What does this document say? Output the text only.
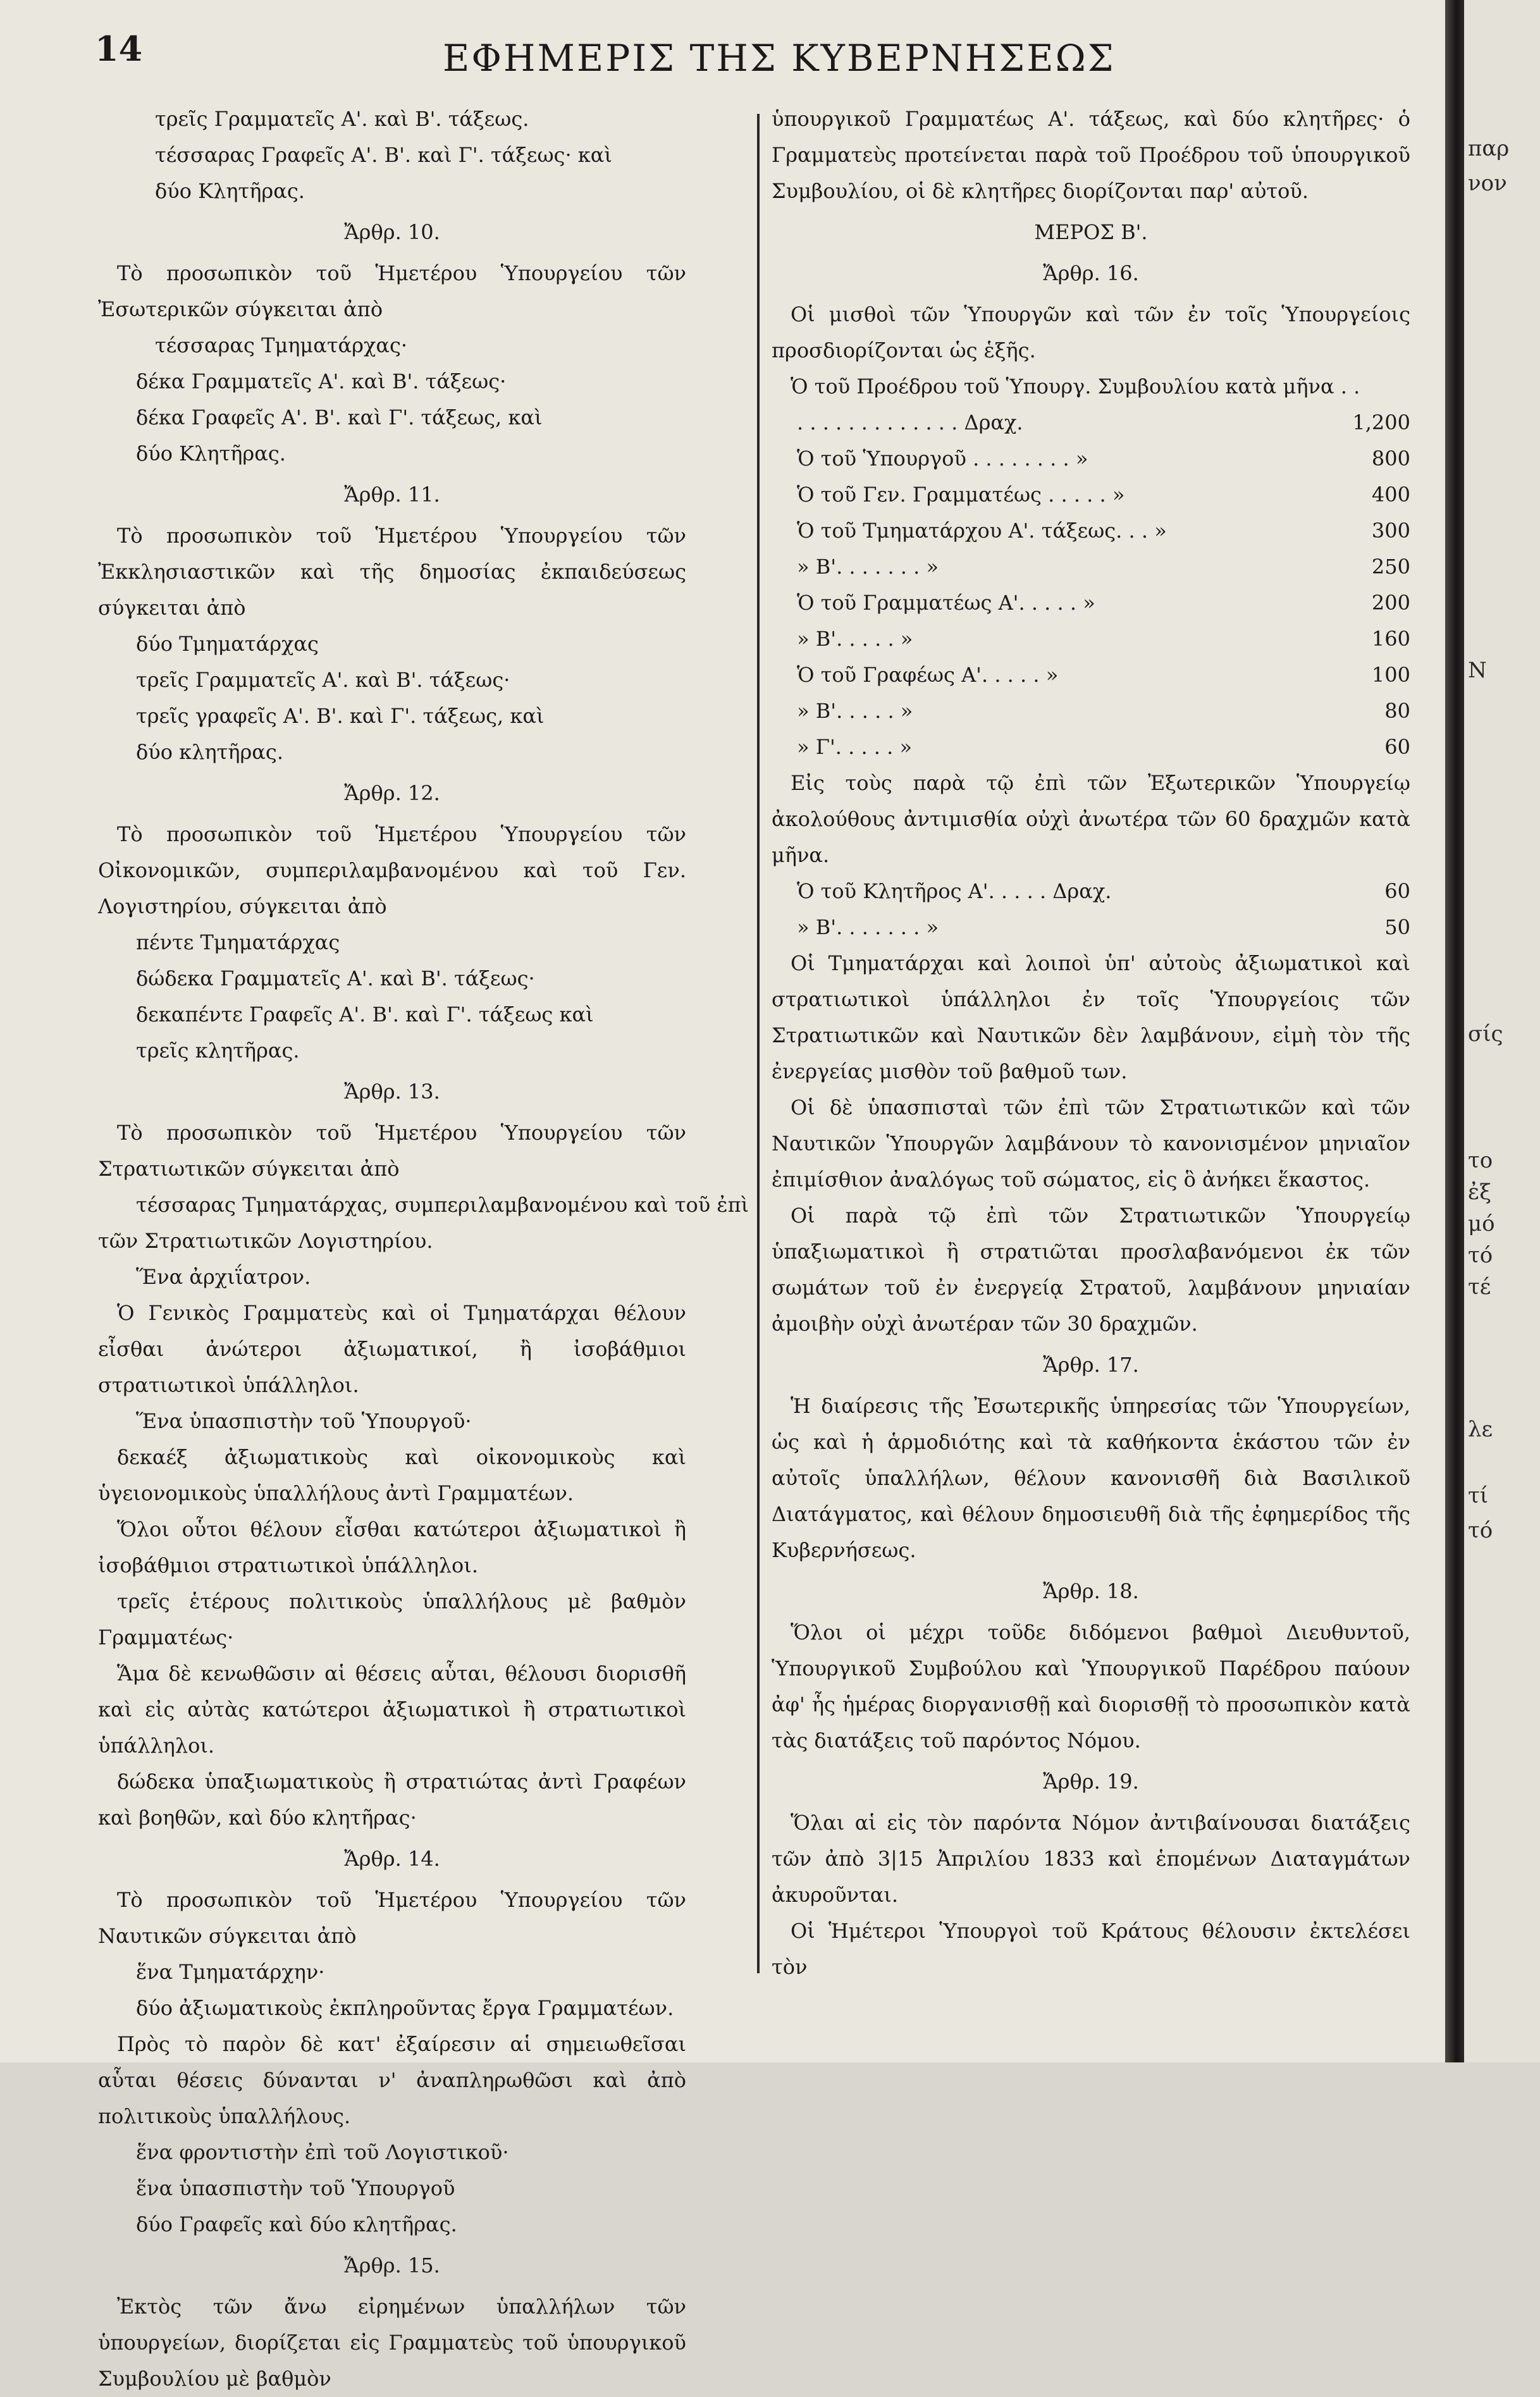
14	ΕΦΗΜΕΡΙΣ ΤΗΣ ΚΥΒΕΡΝΗΣΕΩΣ
τρεῖς Γραμματεῖς Α'. καὶ Β'. τάξεως.
τέσσαρας Γραφεῖς Α'. Β'. καὶ Γ'. τάξεως· καὶ
δύο Κλητῆρας.
Ἄρθρ. 10.
Τὸ προσωπικὸν τοῦ Ἡμετέρου Ὑπουργείου τῶν Ἐσωτερικῶν σύγκειται ἀπὸ
τέσσαρας Τμηματάρχας·
δέκα Γραμματεῖς Α'. καὶ Β'. τάξεως·
δέκα Γραφεῖς Α'. Β'. καὶ Γ'. τάξεως, καὶ
δύο Κλητῆρας.
Ἄρθρ. 11.
Τὸ προσωπικὸν τοῦ Ἡμετέρου Ὑπουργείου τῶν Ἐκκλησιαστικῶν καὶ τῆς δημοσίας ἐκπαιδεύσεως σύγκειται ἀπὸ
δύο Τμηματάρχας
τρεῖς Γραμματεῖς Α'. καὶ Β'. τάξεως·
τρεῖς γραφεῖς Α'. Β'. καὶ Γ'. τάξεως, καὶ
δύο κλητῆρας.
Ἄρθρ. 12.
Τὸ προσωπικὸν τοῦ Ἡμετέρου Ὑπουργείου τῶν Οἰκονομικῶν, συμπεριλαμβανομένου καὶ τοῦ Γεν. Λογιστηρίου, σύγκειται ἀπὸ
πέντε Τμηματάρχας
δώδεκα Γραμματεῖς Α'. καὶ Β'. τάξεως·
δεκαπέντε Γραφεῖς Α'. Β'. καὶ Γ'. τάξεως καὶ
τρεῖς κλητῆρας.
Ἄρθρ. 13.
Τὸ προσωπικὸν τοῦ Ἡμετέρου Ὑπουργείου τῶν Στρατιωτικῶν σύγκειται ἀπὸ
τέσσαρας Τμηματάρχας, συμπεριλαμβανομένου καὶ τοῦ ἐπὶ
τῶν Στρατιωτικῶν Λογιστηρίου.
Ἕνα ἀρχιΐατρον.
Ὁ Γενικὸς Γραμματεὺς καὶ οἱ Τμηματάρχαι θέλουν εἶσθαι ἀνώτεροι ἀξιωματικοί, ἢ ἰσοβάθμιοι στρατιωτικοὶ ὑπάλληλοι.
Ἕνα ὑπασπιστὴν τοῦ Ὑπουργοῦ·
δεκαέξ ἀξιωματικοὺς καὶ οἰκονομικοὺς καὶ ὑγειονομικοὺς ὑπαλλήλους ἀντὶ Γραμματέων.
Ὅλοι οὗτοι θέλουν εἶσθαι κατώτεροι ἀξιωματικοὶ ἢ ἰσοβάθμιοι στρατιωτικοὶ ὑπάλληλοι.
τρεῖς ἑτέρους πολιτικοὺς ὑπαλλήλους μὲ βαθμὸν Γραμματέως·
Ἅμα δὲ κενωθῶσιν αἱ θέσεις αὗται, θέλουσι διορισθῆ καὶ εἰς αὐτὰς κατώτεροι ἀξιωματικοὶ ἢ στρατιωτικοὶ ὑπάλληλοι.
δώδεκα ὑπαξιωματικοὺς ἢ στρατιώτας ἀντὶ Γραφέων καὶ βοηθῶν, καὶ δύο κλητῆρας·
Ἄρθρ. 14.
Τὸ προσωπικὸν τοῦ Ἡμετέρου Ὑπουργείου τῶν Ναυτικῶν σύγκειται ἀπὸ
ἕνα Τμηματάρχην·
δύο ἀξιωματικοὺς ἐκπληροῦντας ἔργα Γραμματέων.
Πρὸς τὸ παρὸν δὲ κατ' ἐξαίρεσιν αἱ σημειωθεῖσαι αὗται θέσεις δύνανται ν' ἀναπληρωθῶσι καὶ ἀπὸ πολιτικοὺς ὑπαλλήλους.
ἕνα φροντιστὴν ἐπὶ τοῦ Λογιστικοῦ·
ἕνα ὑπασπιστὴν τοῦ Ὑπουργοῦ
δύο Γραφεῖς καὶ δύο κλητῆρας.
Ἄρθρ. 15.
Ἐκτὸς τῶν ἄνω εἰρημένων ὑπαλλήλων τῶν ὑπουργείων, διορίζεται εἰς Γραμματεὺς τοῦ ὑπουργικοῦ Συμβουλίου μὲ βαθμὸν
ὑπουργικοῦ Γραμματέως Α'. τάξεως, καὶ δύο κλητῆρες· ὁ Γραμματεὺς προτείνεται παρὰ τοῦ Προέδρου τοῦ ὑπουργικοῦ Συμβουλίου, οἱ δὲ κλητῆρες διορίζονται παρ' αὐτοῦ.
ΜΕΡΟΣ Β'.
Ἄρθρ. 16.
Οἱ μισθοὶ τῶν Ὑπουργῶν καὶ τῶν ἐν τοῖς Ὑπουργείοις προσδιορίζονται ὡς ἑξῆς.
Ὁ τοῦ Προέδρου τοῦ Ὑπουργ. Συμβουλίου κατὰ μῆνα . .
. . . . . . . . . . . . . Δραχ.	1,200
Ὁ τοῦ Ὑπουργοῦ . . . . . . . . »	800
Ὁ τοῦ Γεν. Γραμματέως . . . . . »	400
Ὁ τοῦ Τμηματάρχου Α'. τάξεως. . . »	300
» Β'. . . . . . . »	250
Ὁ τοῦ Γραμματέως Α'. . . . . »	200
» Β'. . . . . »	160
Ὁ τοῦ Γραφέως Α'. . . . . »	100
» Β'. . . . . »	80
» Γ'. . . . . »	60
Εἰς τοὺς παρὰ τῷ ἐπὶ τῶν Ἐξωτερικῶν Ὑπουργείῳ ἀκολούθους ἀντιμισθία οὐχὶ ἀνωτέρα τῶν 60 δραχμῶν κατὰ μῆνα.
Ὁ τοῦ Κλητῆρος Α'. . . . . Δραχ.	60
» Β'. . . . . . . »	50
Οἱ Τμηματάρχαι καὶ λοιποὶ ὑπ' αὐτοὺς ἀξιωματικοὶ καὶ στρατιωτικοὶ ὑπάλληλοι ἐν τοῖς Ὑπουργείοις τῶν Στρατιωτικῶν καὶ Ναυτικῶν δὲν λαμβάνουν, εἰμὴ τὸν τῆς ἐνεργείας μισθὸν τοῦ βαθμοῦ των.
Οἱ δὲ ὑπασπισταὶ τῶν ἐπὶ τῶν Στρατιωτικῶν καὶ τῶν Ναυτικῶν Ὑπουργῶν λαμβάνουν τὸ κανονισμένον μηνιαῖον ἐπιμίσθιον ἀναλόγως τοῦ σώματος, εἰς ὃ ἀνήκει ἕκαστος.
Οἱ παρὰ τῷ ἐπὶ τῶν Στρατιωτικῶν Ὑπουργείῳ ὑπαξιωματικοὶ ἢ στρατιῶται προσλαβανόμενοι ἐκ τῶν σωμάτων τοῦ ἐν ἐνεργείᾳ Στρατοῦ, λαμβάνουν μηνιαίαν ἀμοιβὴν οὐχὶ ἀνωτέραν τῶν 30 δραχμῶν.
Ἄρθρ. 17.
Ἡ διαίρεσις τῆς Ἐσωτερικῆς ὑπηρεσίας τῶν Ὑπουργείων, ὡς καὶ ἡ ἁρμοδιότης καὶ τὰ καθήκοντα ἑκάστου τῶν ἐν αὐτοῖς ὑπαλλήλων, θέλουν κανονισθῆ διὰ Βασιλικοῦ Διατάγματος, καὶ θέλουν δημοσιευθῆ διὰ τῆς ἐφημερίδος τῆς Κυβερνήσεως.
Ἄρθρ. 18.
Ὅλοι οἱ μέχρι τοῦδε διδόμενοι βαθμοὶ Διευθυντοῦ, Ὑπουργικοῦ Συμβούλου καὶ Ὑπουργικοῦ Παρέδρου παύουν ἀφ' ἧς ἡμέρας διοργανισθῇ καὶ διορισθῇ τὸ προσωπικὸν κατὰ τὰς διατάξεις τοῦ παρόντος Νόμου.
Ἄρθρ. 19.
Ὅλαι αἱ εἰς τὸν παρόντα Νόμον ἀντιβαίνουσαι διατάξεις τῶν ἀπὸ 3|15 Ἀπριλίου 1833 καὶ ἑπομένων Διαταγμάτων ἀκυροῦνται.
Οἱ Ἡμέτεροι Ὑπουργοὶ τοῦ Κράτους θέλουσιν ἐκτελέσει τὸν
παρ
νον
Ν
σίς
το
ἐξ
μό
τό
τέ
λε
τί
τό
